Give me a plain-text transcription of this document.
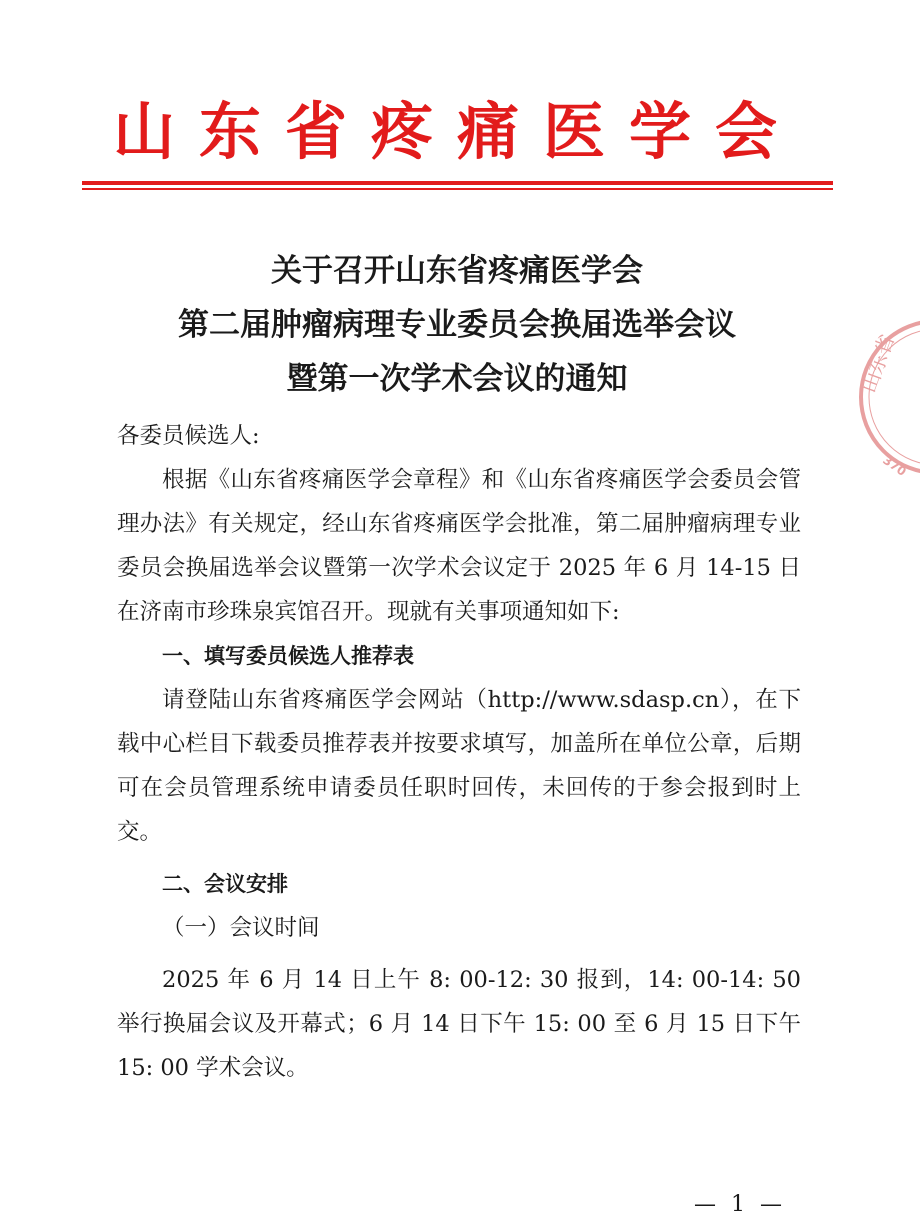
山东省疼痛医学会
关于召开山东省疼痛医学会
第二届肿瘤病理专业委员会换届选举会议
暨第一次学术会议的通知

各委员候选人:

根据《山东省疼痛医学会章程》和《山东省疼痛医学会委员会管理办法》有关规定，经山东省疼痛医学会批准，第二届肿瘤病理专业委员会换届选举会议暨第一次学术会议定于 2025 年 6 月 14-15 日在济南市珍珠泉宾馆召开。现就有关事项通知如下:

一、填写委员候选人推荐表

请登陆山东省疼痛医学会网站（http://www.sdasp.cn），在下载中心栏目下载委员推荐表并按要求填写，加盖所在单位公章，后期可在会员管理系统申请委员任职时回传，未回传的于参会报到时上交。

二、会议安排

（一）会议时间

2025 年 6 月 14 日上午 8: 00-12: 30 报到，14: 00-14: 50 举行换届会议及开幕式；6 月 14 日下午 15: 00 至 6 月 15 日下午 15: 00 学术会议。

山东省
370
— 1 —
